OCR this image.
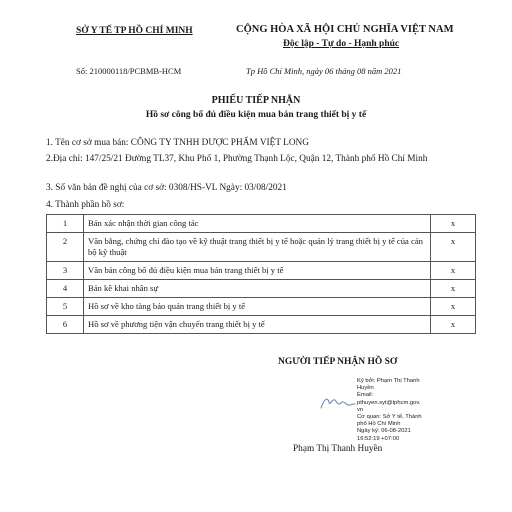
SỞ Y TẾ TP HỒ CHÍ MINH	CỘNG HÒA XÃ HỘI CHỦ NGHĨA VIỆT NAM
Độc lập - Tự do - Hạnh phúc
Số: 210000118/PCBMB-HCM	Tp Hồ Chí Minh, ngày 06 tháng 08 năm 2021
PHIẾU TIẾP NHẬN
Hồ sơ công bố đủ điều kiện mua bán trang thiết bị y tế
1. Tên cơ sở mua bán: CÔNG TY TNHH DƯỢC PHẨM VIỆT LONG
2.Địa chỉ: 147/25/21 Đường TL37, Khu Phố 1, Phường Thạnh Lộc, Quận 12, Thành phố Hồ Chí Minh
3. Số văn bản đề nghị của cơ sở: 0308/HS-VL Ngày: 03/08/2021
4. Thành phần hồ sơ:
1	Bản xác nhận thời gian công tác	x
2	Văn bằng, chứng chỉ đào tạo về kỹ thuật trang thiết bị y tế hoặc quản lý trang thiết bị y tế của cán bộ kỹ thuật	x
3	Văn bản công bố đủ điều kiện mua bán trang thiết bị y tế	x
4	Bản kê khai nhân sự	x
5	Hồ sơ về kho tàng bảo quản trang thiết bị y tế	x
6	Hồ sơ về phương tiện vận chuyển trang thiết bị y tế	x
NGƯỜI TIẾP NHẬN HỒ SƠ
Ký bởi: Phạm Thị Thanh
Huyền
Email:
pthuyen.syt@tphcm.gov.
vn
Cơ quan: Sở Y tế, Thành
phố Hồ Chí Minh
Ngày ký: 06-08-2021
16:52:19 +07:00
Phạm Thị Thanh Huyền
